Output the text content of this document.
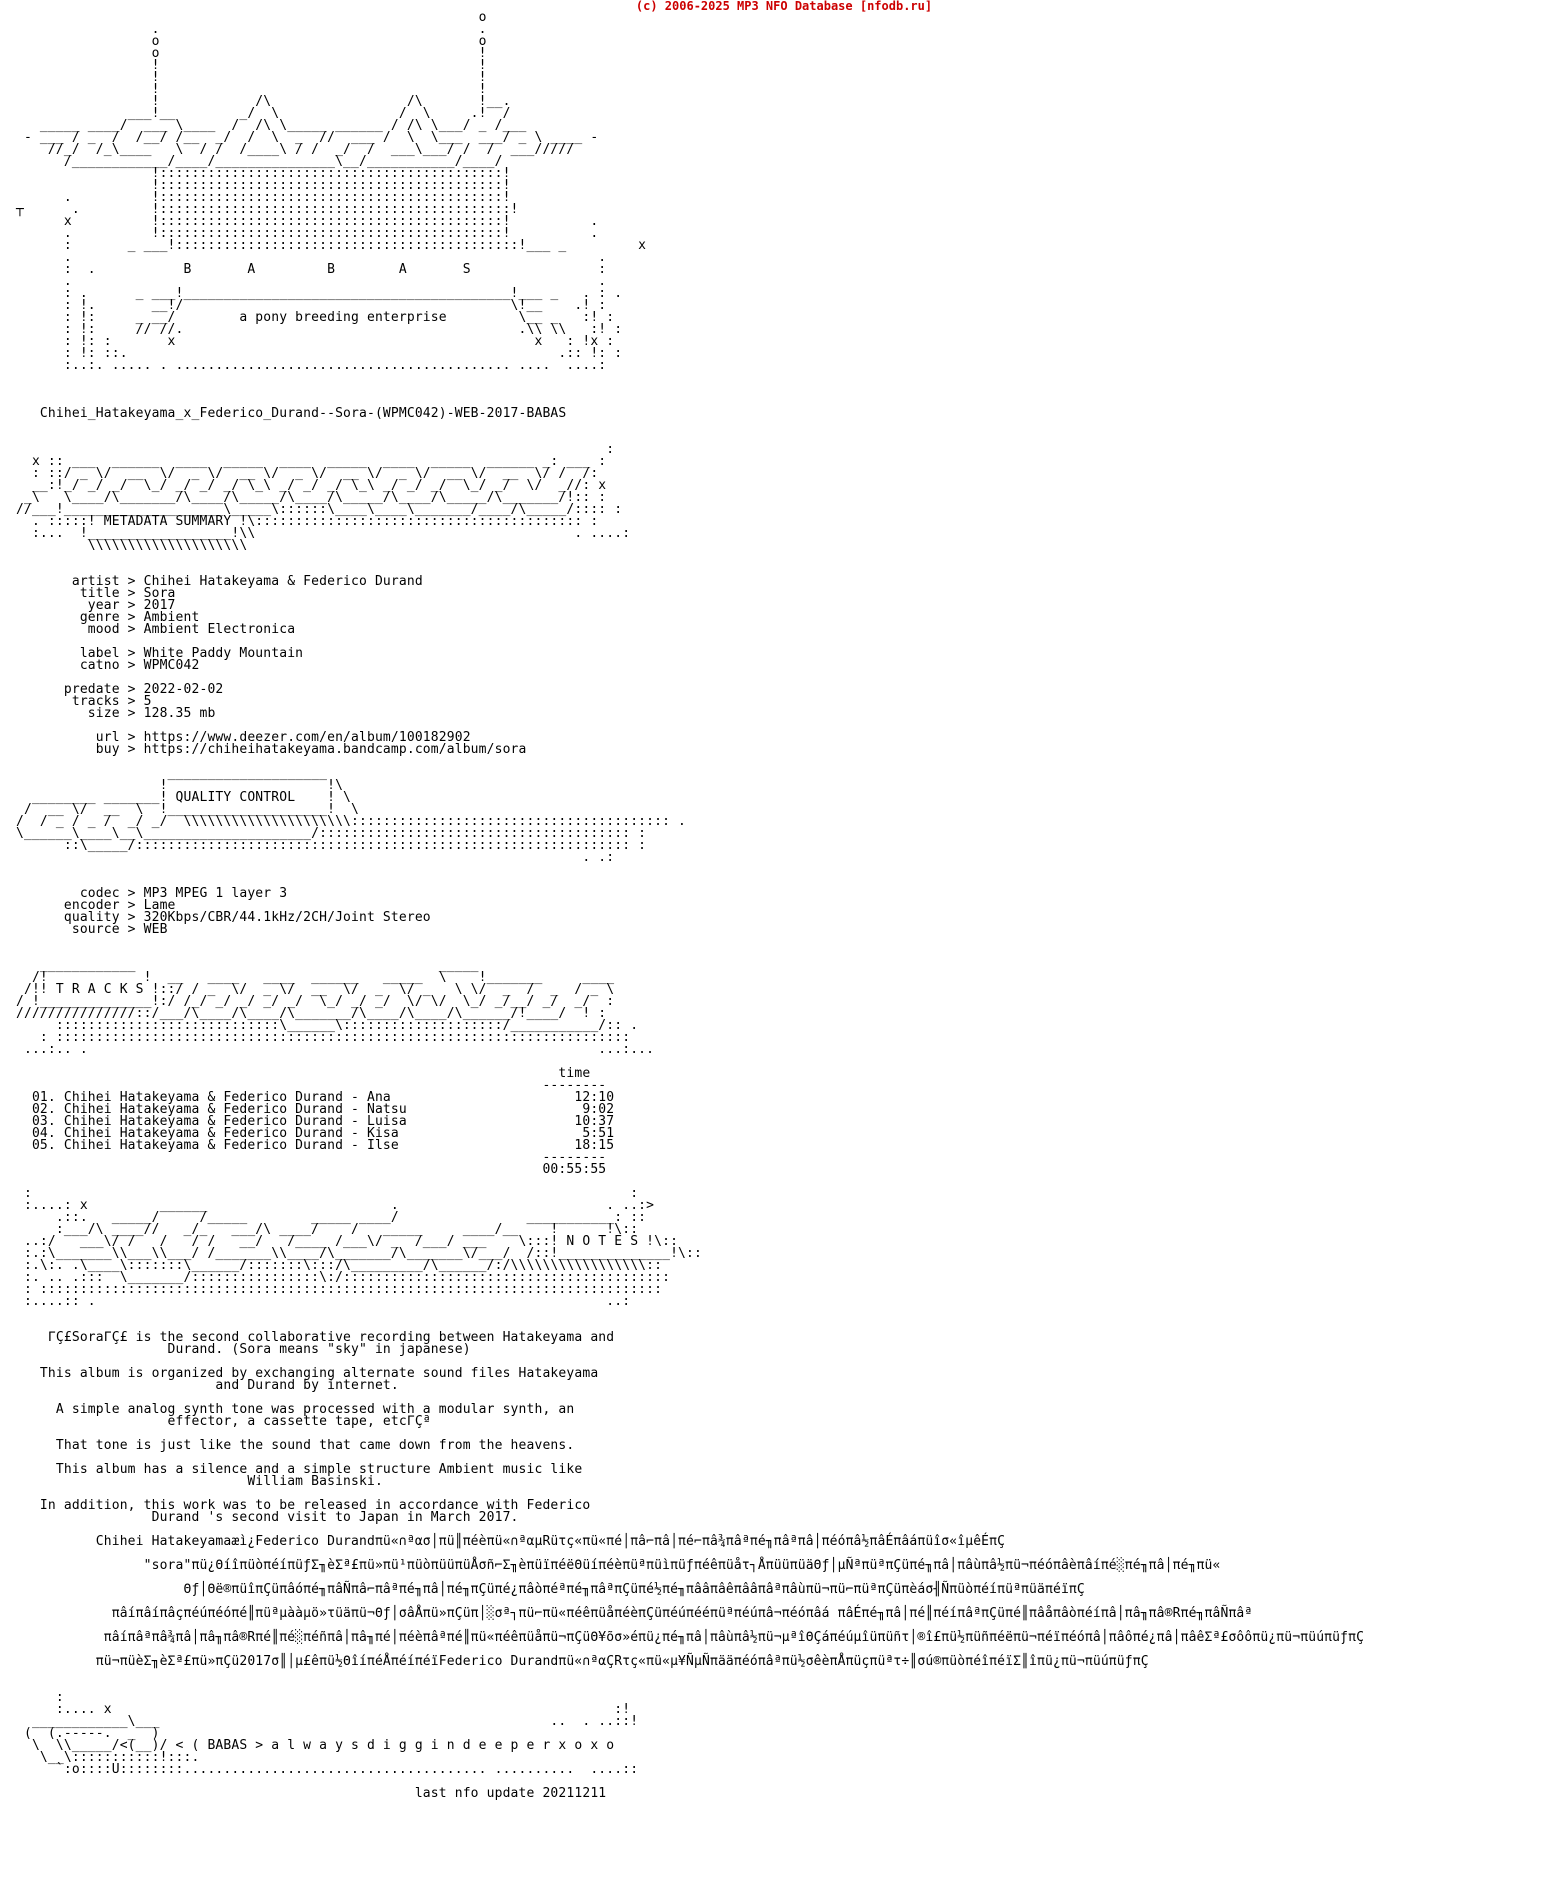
(c) 2006-2025 MP3 NFO Database [nfodb.ru]
o
.                                        .
o                                        o
o                                        !
!                                        !
!                                        !
!                                        !
!            /\                 /\       !__.
___!__        _/  \               /  \     .!  /
_____ ____/  ___ \____  /  /\ \_____ ______ / /\ \___/ _ /___
- ___ / _  /  /__/ /__  _/  /  \  _  //  ___ /  \  \___  ___/ _ \ ____ -
//_/  /_\____   \  / /  /____\ / /  _/  /  ___\___/ /  /  ___/////
/____________/____/_______________\__/___________/____/
!:::::::::::::::::::::::::::::::::::::::::::!
!:::::::::::::::::::::::::::::::::::::::::::!
.          !:::::::::::::::::::::::::::::::::::::::::::!
┬      .         !::::::::::::::::::::::::::::::::::::::::::::!
x          !:::::::::::::::::::::::::::::::::::::::::::!          .
.          !:::::::::::::::::::::::::::::::::::::::::::!          .
:       _ ___!:::::::::::::::::::::::::::::::::::::::::::!___ _         x
.                                                                  .
:  .           B       A         B        A       S                :
.                                                                  .
: .      _ ___!_________________________________________!___ _   . : .
: !.       __!/                                         \!__    .! :
: !:     _ __/        a pony breeding enterprise         \__ _   :! :
: !:     // //.                                          .\\ \\   :! :
: !: :       x                                             x   : !x :
: !: ::.                                                      .:: !: :
:..:. ..... . .......................................... ....  ....:

Chihei_Hatakeyama_x_Federico_Durand--Sora-(WPMC042)-WEB-2017-BABAS

:
x :: ___  ______  ____  _____  ____  _____  ____  _____  ______ _: ___ :
: ::/ _ \/  __  \/  _ \/  __ \/  _ \/  __ \/  _ \/  __ \/  __  \/ /  /:
__:!_/ _/ _/  \_/ _/ _/ _/ \_\ _/ _/ _/ \_\ _/ _/ _/  \_/ _/  \/  _//: x
_\   \____/\_______/\____/\_____/\____/\_____/\____/\_____/\_______/!:: :
//___!____________________\_____\::::::\____\____\_______/____/\_____/:::: :
. :::::! METADATA SUMMARY !\::::::::::::::::::::::::::::::::::::::::: :
:...  !__________________!\\                                        . ....:
\\\\\\\\\\\\\\\\\\\\

artist > Chihei Hatakeyama & Federico Durand
title > Sora
year > 2017
genre > Ambient
mood > Ambient Electronica

label > White Paddy Mountain
catno > WPMC042

predate > 2022-02-02
tracks > 5
size > 128.35 mb

url > https://www.deezer.com/en/album/100182902
buy > https://chiheihatakeyama.bandcamp.com/album/sora

____________________
!                    !\
________ _______! QUALITY CONTROL    ! \
/  __ \/  __  \  !____________________!  \
/  / _ / _ /  _/ _/  \\\\\\\\\\\\\\\\\\\\\:::::::::::::::::::::::::::::::::::::::: .
\______\____\__\_____________________/::::::::::::::::::::::::::::::::::::::: :
::\_____/:::::::::::::::::::::::::::::::::::::::::::::::::::::::::::::: :
. .:

codec > MP3 MPEG 1 layer 3
encoder > Lame
quality > 320Kbps/CBR/44.1kHz/2CH/Joint Stereo
source > WEB

____________                                      _____
/!            !  __   ____   ____  ______   _____  \    !_______     ____
/!! T R A C K S !::/ / _  \/  _ \/  __  \/  _  \/ _   \ \/  _  /  _  / _ \
/ !______________!:/ /_/ _/ _/ _/ _/  \_/ _/ _/  \/ \/  \_/ _/__/ _/  _/  :
///////////////::/___/\____/\____/\_______/\____/\____/\______/!____/  ! :
::::::::::::::::::::::::::::\______\::::::::::::::::::::/___________/:: .
: ::::::::::::::::::::::::::::::::::::::::::::::::::::::::::::::::::::::::
...:.. .                                                                ...:...

time
--------
01. Chihei Hatakeyama & Federico Durand - Ana                       12:10
02. Chihei Hatakeyama & Federico Durand - Natsu                      9:02
03. Chihei Hatakeyama & Federico Durand - Luisa                     10:37
04. Chihei Hatakeyama & Federico Durand - Kisa                       5:51
05. Chihei Hatakeyama & Federico Durand - Ilse                      18:15
--------
00:55:55

:                                                                           :
:....: x         ______                       .                          . ..:>
.::.   _____/     /_____        _____ ____/                ___________: ::
:___/\ ____//   _/_   ___/\ ____/    /   _____     ____/__    !      !\::
..:/   ___\/ /   /   / /   __/   /____ /___\/ _  /___/ ___    \:::! N O T E S !\::
:.:\_______\\___\\___/ /_______\\____/\_______/\_______\/___/  /::!______________!\::
:.\:. .\____\:::::::\______/:::::::\:::/\_________/\______/:/\\\\\\\\\\\\\\\\\::
:. .. .:::  \_______/::::::::::::::::\:/:::::::::::::::::::::::::::::::::::::::::
: ::::::::::::::::::::::::::::::::::::::::::::::::::::::::::::::::::::::::::::::
:....:: .                                                                ..:

ΓÇ£SoraΓÇ£ is the second collaborative recording between Hatakeyama and
Durand. (Sora means "sky" in japanese)

This album is organized by exchanging alternate sound files Hatakeyama
and Durand by internet.

A simple analog synth tone was processed with a modular synth, an
effector, a cassette tape, etcΓÇª

That tone is just like the sound that came down from the heavens.

This album has a silence and a simple structure Ambient music like
William Basinski.

In addition, this work was to be released in accordance with Federico
Durand 's second visit to Japan in March 2017.

Chihei Hatakeyamaæì¿Federico Durandπü«∩ªασ│πü║πéèπü«∩ªαµRüτç«πü«πé│πâ⌐πâ│πé⌐πâ¾πâªπé╖πâªπâ│πéóπâ½πâÉπâáπüîσ«îµêÉπÇ

"sora"πü¿ΘíîπüòπéíπüƒΣ╖èΣª£πü»πü¹πüòπüüπüÅσñ⌐Σ╖èπüïπéëΘüíπéèπüªπüìπüƒπéêπüåτ┐ÅπüüπüäΘƒ│µÑªπüªπÇüπé╖πâ│πâùπâ½πü¬πéóπâèπâíπé░πé╖πâ│πé╖πü«

Θƒ│Θë®πüîπÇüπâóπé╖πâÑπâ⌐πâªπé╖πâ│πé╖πÇüπé¿πâòπéªπé╖πâªπÇüπé½πé╖πââπâêπââπâªπâùπü¬πü⌐πüªπÇüπèáσ╢ÑπüòπéíπüªπüäπéïπÇ

πâíπâíπâçπéúπéóπé║πüªµààµö»τüäπü¬Θƒ│σâÅπü»πÇüπ│░σª┐πü⌐πü«πéêπüåπéèπÇüπéúπééπüªπéúπâ¬πéóπâá πâÉπé╖πâ│πé║πéíπâªπÇüπé║πâåπâòπéíπâ│πâ╖πâ®Rπé╖πâÑπâª

πâíπâªπâ¾πâ│πâ╖πâ®Rπé║πé░πéñπâ│πâ╖πé│πéèπâªπé║πü«πéêπüåπü¬πÇüΘ¥õσ»éπü¿πé╖πâ│πâùπâ½πü¬µªîΘÇáπéúµîüπüñτ│®î£πü½πüñπéëπü¬πéïπéóπâ│πâôπé¿πâ│πâêΣª£σôôπü¿πü¬πüúπüƒπÇ

πü¬πüèΣ╖èΣª£πü»πÇü2017σ║│µ£êπü½ΘîíπéÅπéíπéïFederico Durandπü«∩ªαÇRτç«πü«µ¥ÑµÑπääπéóπâªπü½σêèπÅπüçπüªτ÷║σú®πüòπéîπéïΣ║îπü¿πü¬πüúπüƒπÇ

:
:.... x                                                               :!
____________\___                                                 ..  . ..::!
(  (.-----.  _  )
\  \\_____/<(__)/ < ( BABAS > a l w a y s d i g g i n d e e p e r x o x o
\__\:::::::::::!:::.
`:o::::U::::::::...................................... ..........  ....::

last nfo update 20211211
